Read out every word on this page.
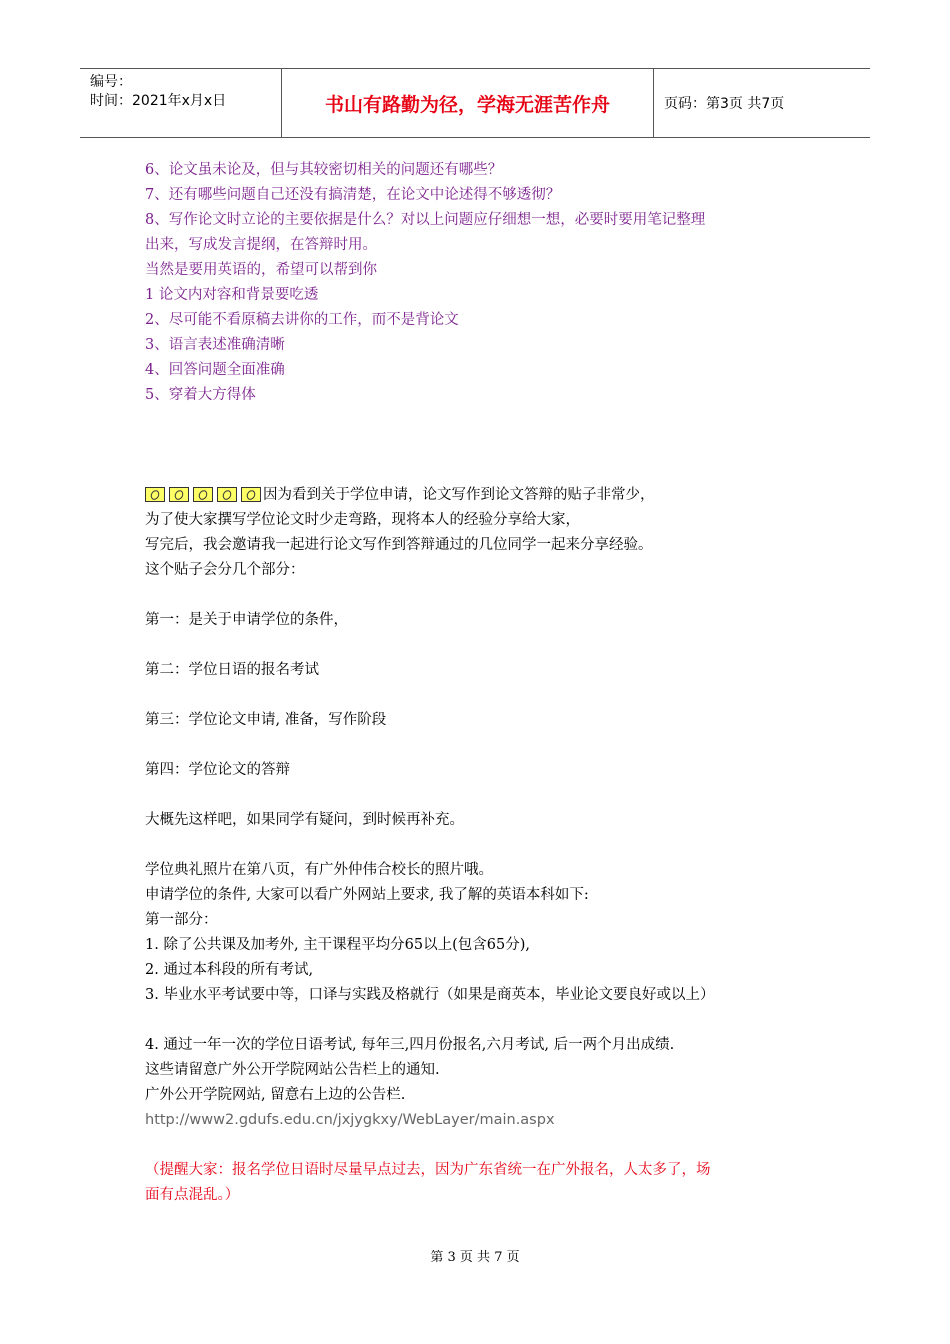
编号：
时间：2021年x月x日	书山有路勤为径，学海无涯苦作舟	页码：第3页 共7页
6、论文虽未论及，但与其较密切相关的问题还有哪些？
7、还有哪些问题自己还没有搞清楚，在论文中论述得不够透彻？
8、写作论文时立论的主要依据是什么？对以上问题应仔细想一想，必要时要用笔记整理
出来，写成发言提纲，在答辩时用。
当然是要用英语的，希望可以帮到你
1 论文内对容和背景要吃透
2、尽可能不看原稿去讲你的工作，而不是背论文
3、语言表述准确清晰
4、回答问题全面准确
5、穿着大方得体
因为看到关于学位申请，论文写作到论文答辩的贴子非常少，
为了使大家撰写学位论文时少走弯路，现将本人的经验分享给大家，
写完后，我会邀请我一起进行论文写作到答辩通过的几位同学一起来分享经验。
这个贴子会分几个部分：
第一：是关于申请学位的条件，
第二：学位日语的报名考试
第三：学位论文申请, 准备，写作阶段
第四：学位论文的答辩
大概先这样吧，如果同学有疑问，到时候再补充。
学位典礼照片在第八页，有广外仲伟合校长的照片哦。
申请学位的条件, 大家可以看广外网站上要求, 我了解的英语本科如下:
第一部分：
1. 除了公共课及加考外, 主干课程平均分65以上(包含65分),
2. 通过本科段的所有考试,
3. 毕业水平考试要中等，口译与实践及格就行（如果是商英本，毕业论文要良好或以上）
4. 通过一年一次的学位日语考试, 每年三,四月份报名,六月考试, 后一两个月出成绩.
这些请留意广外公开学院网站公告栏上的通知.
广外公开学院网站, 留意右上边的公告栏.
http://www2.gdufs.edu.cn/jxjygkxy/WebLayer/main.aspx
（提醒大家：报名学位日语时尽量早点过去，因为广东省统一在广外报名，人太多了，场
面有点混乱。）
第 3 页 共 7 页
